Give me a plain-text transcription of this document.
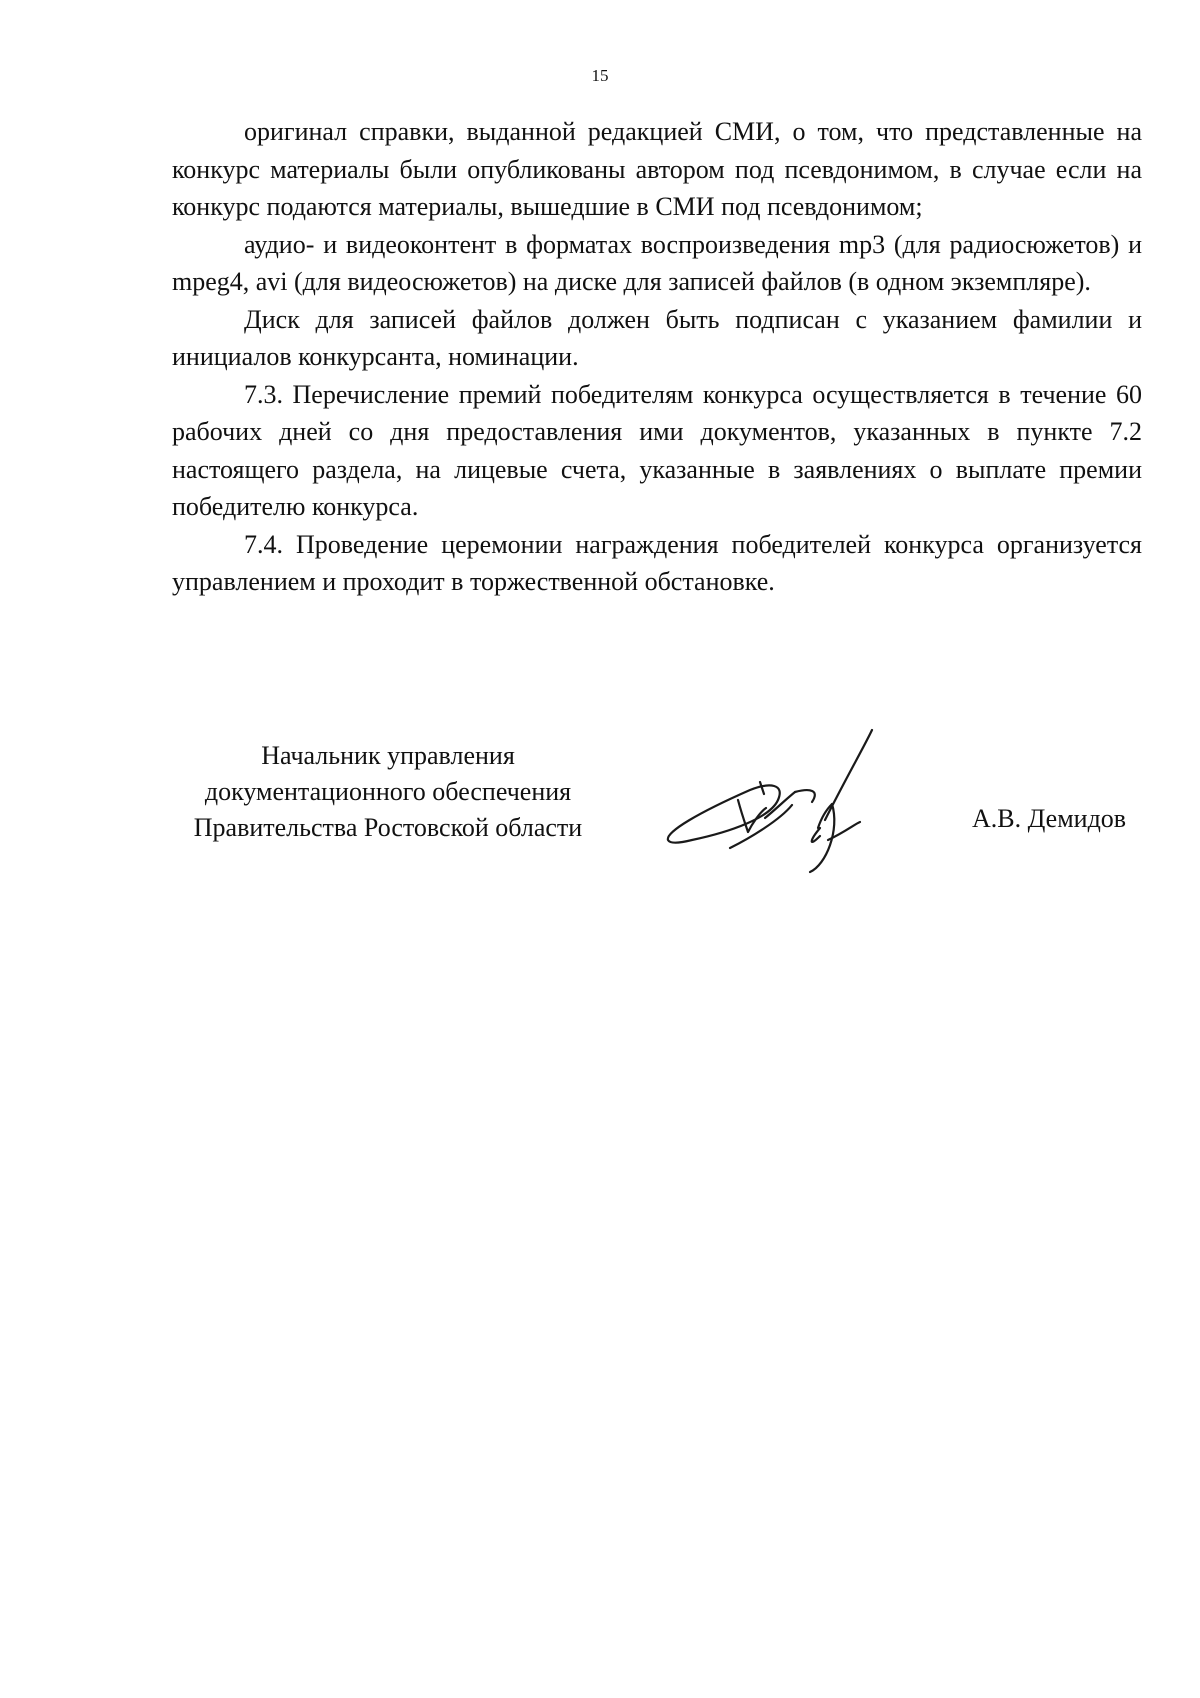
15

оригинал справки, выданной редакцией СМИ, о том, что представленные на конкурс материалы были опубликованы автором под псевдонимом, в случае если на конкурс подаются материалы, вышедшие в СМИ под псевдонимом;

аудио- и видеоконтент в форматах воспроизведения mp3 (для радиосюжетов) и mpeg4, avi (для видеосюжетов) на диске для записей файлов (в одном экземпляре).

Диск для записей файлов должен быть подписан с указанием фамилии и инициалов конкурсанта, номинации.

7.3. Перечисление премий победителям конкурса осуществляется в течение 60 рабочих дней со дня предоставления ими документов, указанных в пункте 7.2 настоящего раздела, на лицевые счета, указанные в заявлениях о выплате премии победителю конкурса.

7.4. Проведение церемонии награждения победителей конкурса организуется управлением и проходит в торжественной обстановке.

Начальник управления
документационного обеспечения
Правительства Ростовской области	А.В. Демидов
